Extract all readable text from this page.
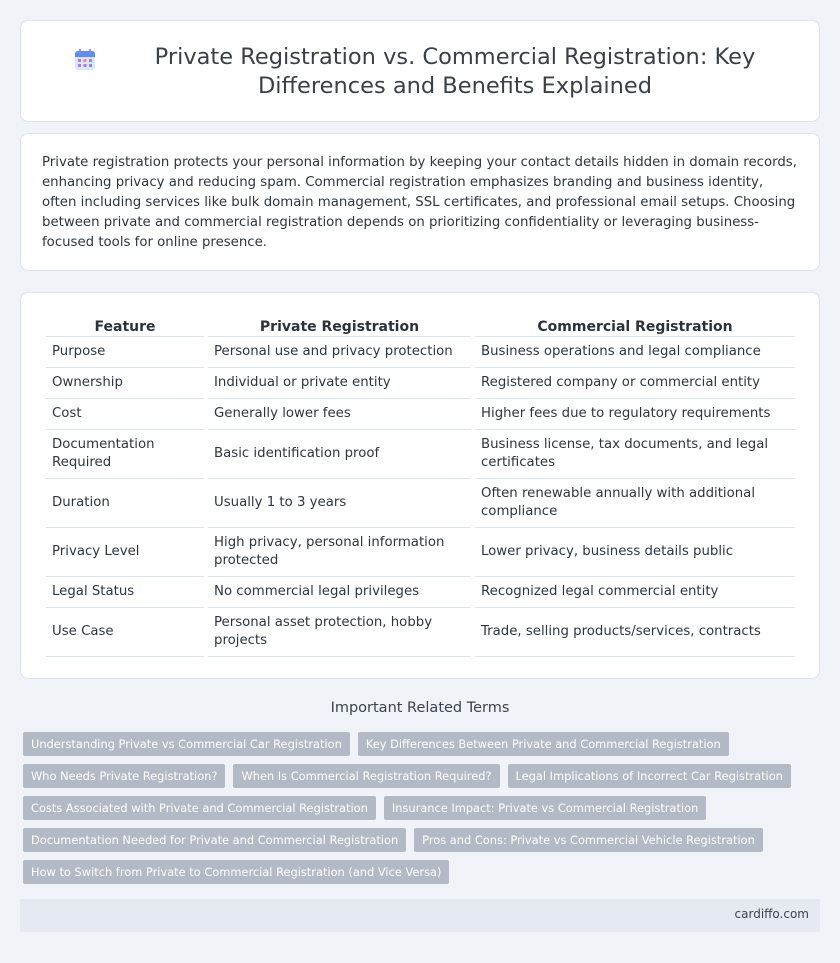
Private Registration vs. Commercial Registration: Key Differences and Benefits Explained

Private registration protects your personal information by keeping your contact details hidden in domain records, enhancing privacy and reducing spam. Commercial registration emphasizes branding and business identity, often including services like bulk domain management, SSL certificates, and professional email setups. Choosing between private and commercial registration depends on prioritizing confidentiality or leveraging business-focused tools for online presence.

Feature	Private Registration	Commercial Registration
Purpose	Personal use and privacy protection	Business operations and legal compliance
Ownership	Individual or private entity	Registered company or commercial entity
Cost	Generally lower fees	Higher fees due to regulatory requirements
Documentation Required	Basic identification proof	Business license, tax documents, and legal certificates
Duration	Usually 1 to 3 years	Often renewable annually with additional compliance
Privacy Level	High privacy, personal information protected	Lower privacy, business details public
Legal Status	No commercial legal privileges	Recognized legal commercial entity
Use Case	Personal asset protection, hobby projects	Trade, selling products/services, contracts
Important Related Terms
Understanding Private vs Commercial Car Registration	Key Differences Between Private and Commercial Registration
Who Needs Private Registration?	When Is Commercial Registration Required?	Legal Implications of Incorrect Car Registration
Costs Associated with Private and Commercial Registration	Insurance Impact: Private vs Commercial Registration
Documentation Needed for Private and Commercial Registration	Pros and Cons: Private vs Commercial Vehicle Registration
How to Switch from Private to Commercial Registration (and Vice Versa)
cardiffo.com
